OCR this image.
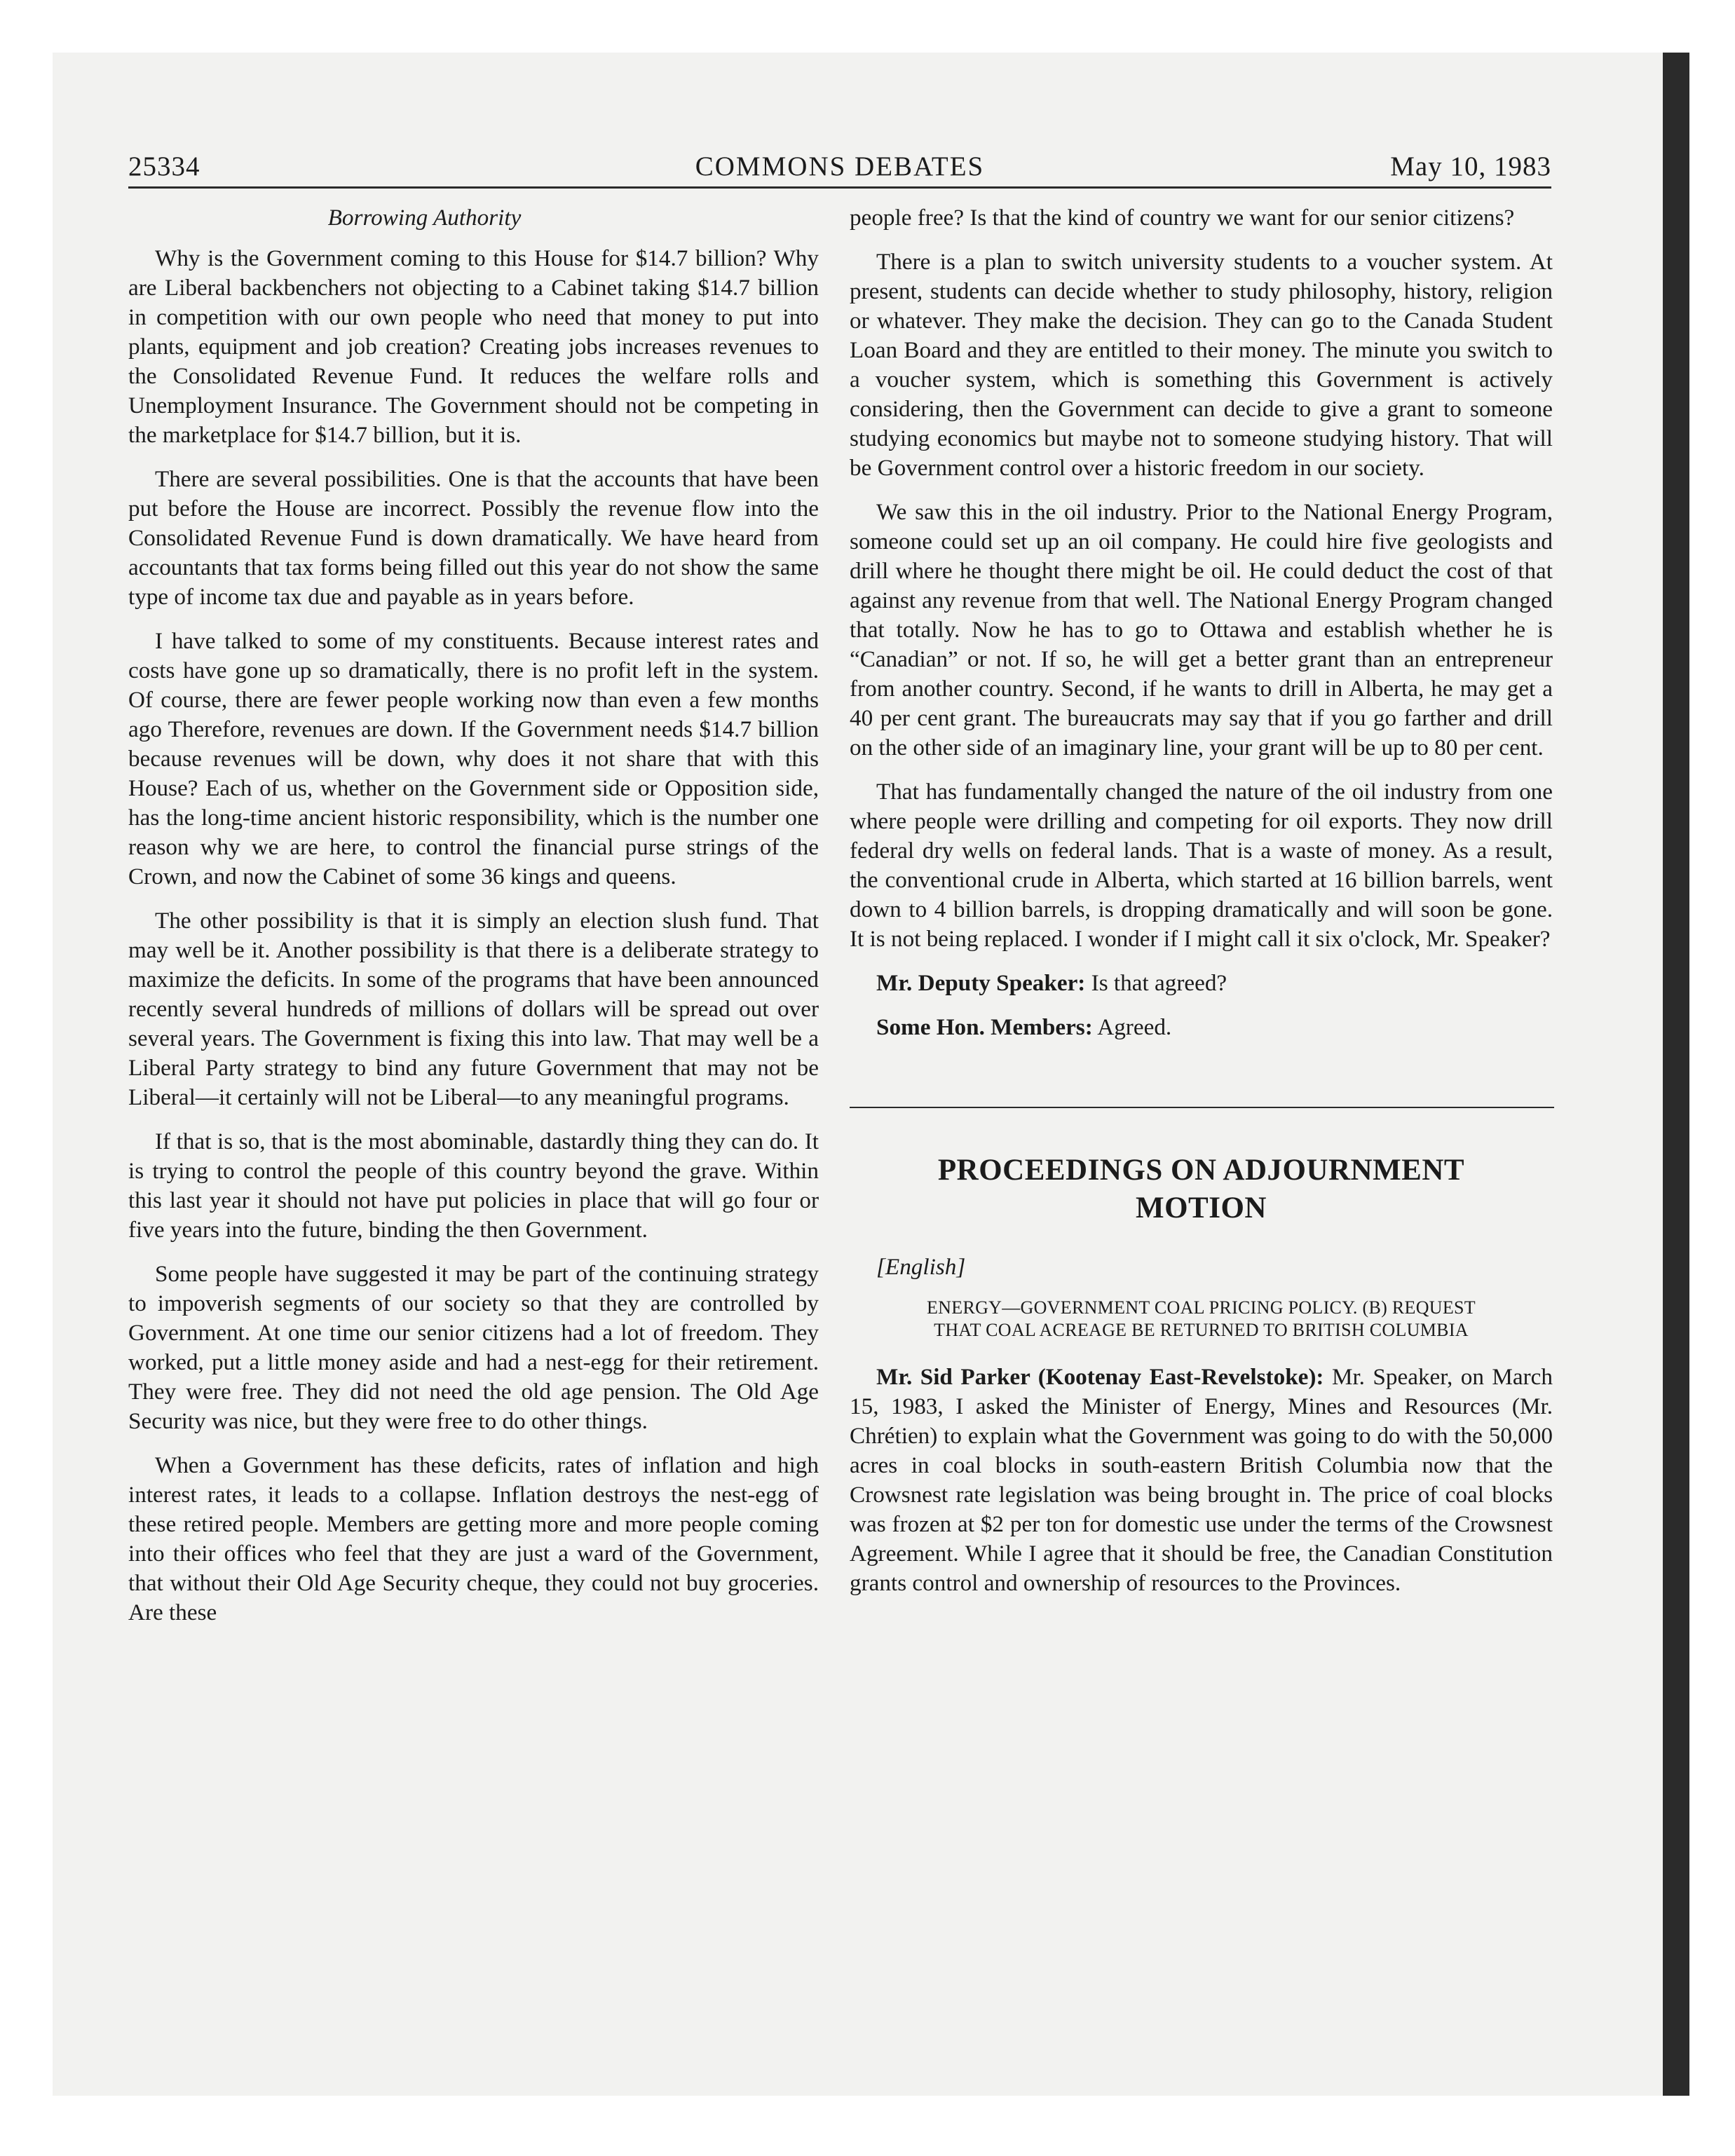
25334	COMMONS DEBATES	May 10, 1983
Borrowing Authority

Why is the Government coming to this House for $14.7 billion? Why are Liberal backbenchers not objecting to a Cabinet taking $14.7 billion in competition with our own people who need that money to put into plants, equipment and job creation? Creating jobs increases revenues to the Consolidated Revenue Fund. It reduces the welfare rolls and Unemployment Insurance. The Government should not be competing in the marketplace for $14.7 billion, but it is.

There are several possibilities. One is that the accounts that have been put before the House are incorrect. Possibly the revenue flow into the Consolidated Revenue Fund is down dramatically. We have heard from accountants that tax forms being filled out this year do not show the same type of income tax due and payable as in years before.

I have talked to some of my constituents. Because interest rates and costs have gone up so dramatically, there is no profit left in the system. Of course, there are fewer people working now than even a few months ago Therefore, revenues are down. If the Government needs $14.7 billion because revenues will be down, why does it not share that with this House? Each of us, whether on the Government side or Opposition side, has the long-time ancient historic responsibility, which is the number one reason why we are here, to control the financial purse strings of the Crown, and now the Cabinet of some 36 kings and queens.

The other possibility is that it is simply an election slush fund. That may well be it. Another possibility is that there is a deliberate strategy to maximize the deficits. In some of the programs that have been announced recently several hundreds of millions of dollars will be spread out over several years. The Government is fixing this into law. That may well be a Liberal Party strategy to bind any future Government that may not be Liberal—it certainly will not be Liberal—to any meaningful programs.

If that is so, that is the most abominable, dastardly thing they can do. It is trying to control the people of this country beyond the grave. Within this last year it should not have put policies in place that will go four or five years into the future, binding the then Government.

Some people have suggested it may be part of the continuing strategy to impoverish segments of our society so that they are controlled by Government. At one time our senior citizens had a lot of freedom. They worked, put a little money aside and had a nest-egg for their retirement. They were free. They did not need the old age pension. The Old Age Security was nice, but they were free to do other things.

When a Government has these deficits, rates of inflation and high interest rates, it leads to a collapse. Inflation destroys the nest-egg of these retired people. Members are getting more and more people coming into their offices who feel that they are just a ward of the Government, that without their Old Age Security cheque, they could not buy groceries. Are these

people free? Is that the kind of country we want for our senior citizens?

There is a plan to switch university students to a voucher system. At present, students can decide whether to study philosophy, history, religion or whatever. They make the decision. They can go to the Canada Student Loan Board and they are entitled to their money. The minute you switch to a voucher system, which is something this Government is actively considering, then the Government can decide to give a grant to someone studying economics but maybe not to someone studying history. That will be Government control over a historic freedom in our society.

We saw this in the oil industry. Prior to the National Energy Program, someone could set up an oil company. He could hire five geologists and drill where he thought there might be oil. He could deduct the cost of that against any revenue from that well. The National Energy Program changed that totally. Now he has to go to Ottawa and establish whether he is “Canadian” or not. If so, he will get a better grant than an entrepreneur from another country. Second, if he wants to drill in Alberta, he may get a 40 per cent grant. The bureaucrats may say that if you go farther and drill on the other side of an imaginary line, your grant will be up to 80 per cent.

That has fundamentally changed the nature of the oil industry from one where people were drilling and competing for oil exports. They now drill federal dry wells on federal lands. That is a waste of money. As a result, the conventional crude in Alberta, which started at 16 billion barrels, went down to 4 billion barrels, is dropping dramatically and will soon be gone. It is not being replaced. I wonder if I might call it six o'clock, Mr. Speaker?

Mr. Deputy Speaker: Is that agreed?

Some Hon. Members: Agreed.

PROCEEDINGS ON ADJOURNMENT
MOTION

[English]

ENERGY—GOVERNMENT COAL PRICING POLICY. (B) REQUEST
THAT COAL ACREAGE BE RETURNED TO BRITISH COLUMBIA

Mr. Sid Parker (Kootenay East-Revelstoke): Mr. Speaker, on March 15, 1983, I asked the Minister of Energy, Mines and Resources (Mr. Chrétien) to explain what the Government was going to do with the 50,000 acres in coal blocks in south-eastern British Columbia now that the Crowsnest rate legislation was being brought in. The price of coal blocks was frozen at $2 per ton for domestic use under the terms of the Crowsnest Agreement. While I agree that it should be free, the Canadian Constitution grants control and ownership of resources to the Provinces.
